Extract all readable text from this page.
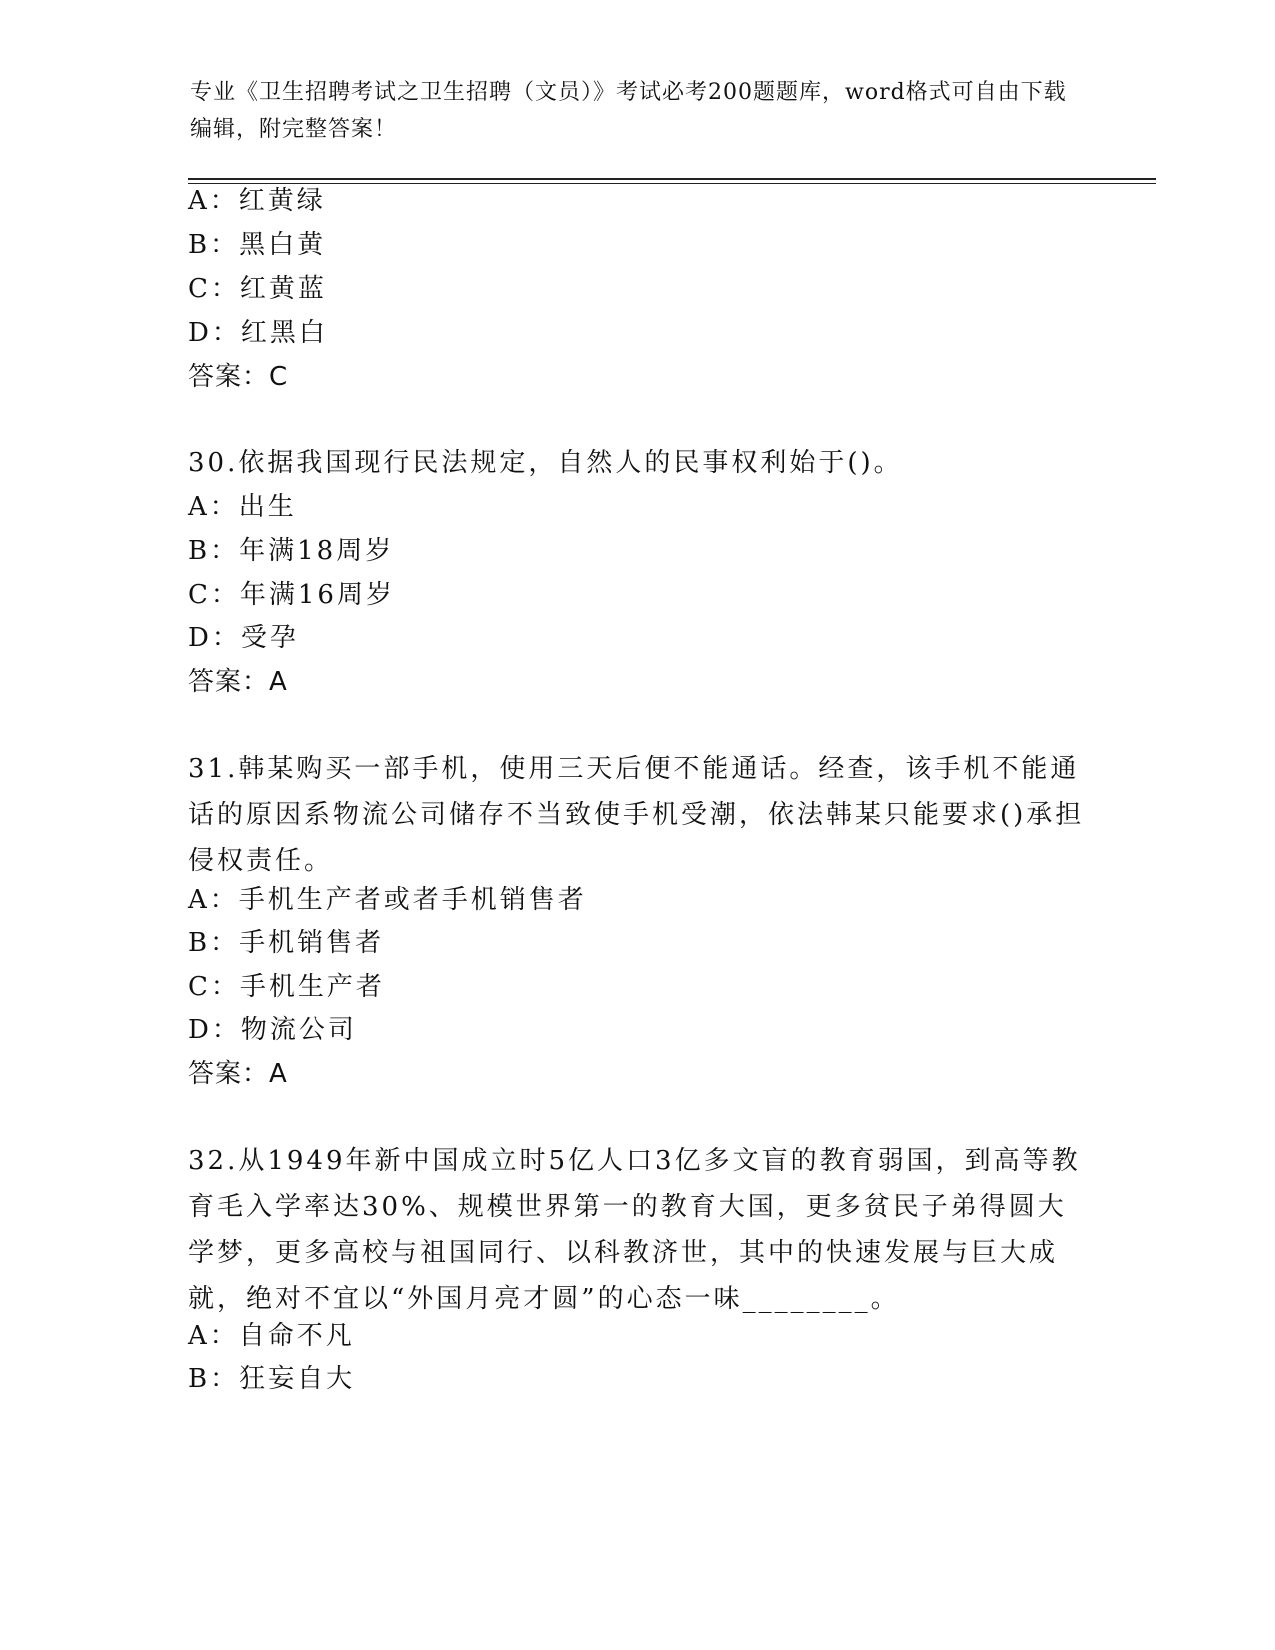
专业《卫生招聘考试之卫生招聘（文员）》考试必考200题题库，word格式可自由下载编辑，附完整答案！
A：红黄绿
B：黑白黄
C：红黄蓝
D：红黑白
答案：C
30.依据我国现行民法规定，自然人的民事权利始于()。
A：出生
B：年满18周岁
C：年满16周岁
D：受孕
答案：A
31.韩某购买一部手机，使用三天后便不能通话。经查，该手机不能通话的原因系物流公司储存不当致使手机受潮，依法韩某只能要求()承担侵权责任。
A：手机生产者或者手机销售者
B：手机销售者
C：手机生产者
D：物流公司
答案：A
32.从1949年新中国成立时5亿人口3亿多文盲的教育弱国，到高等教育毛入学率达30%、规模世界第一的教育大国，更多贫民子弟得圆大学梦，更多高校与祖国同行、以科教济世，其中的快速发展与巨大成就，绝对不宜以“外国月亮才圆”的心态一味________。
A：自命不凡
B：狂妄自大
